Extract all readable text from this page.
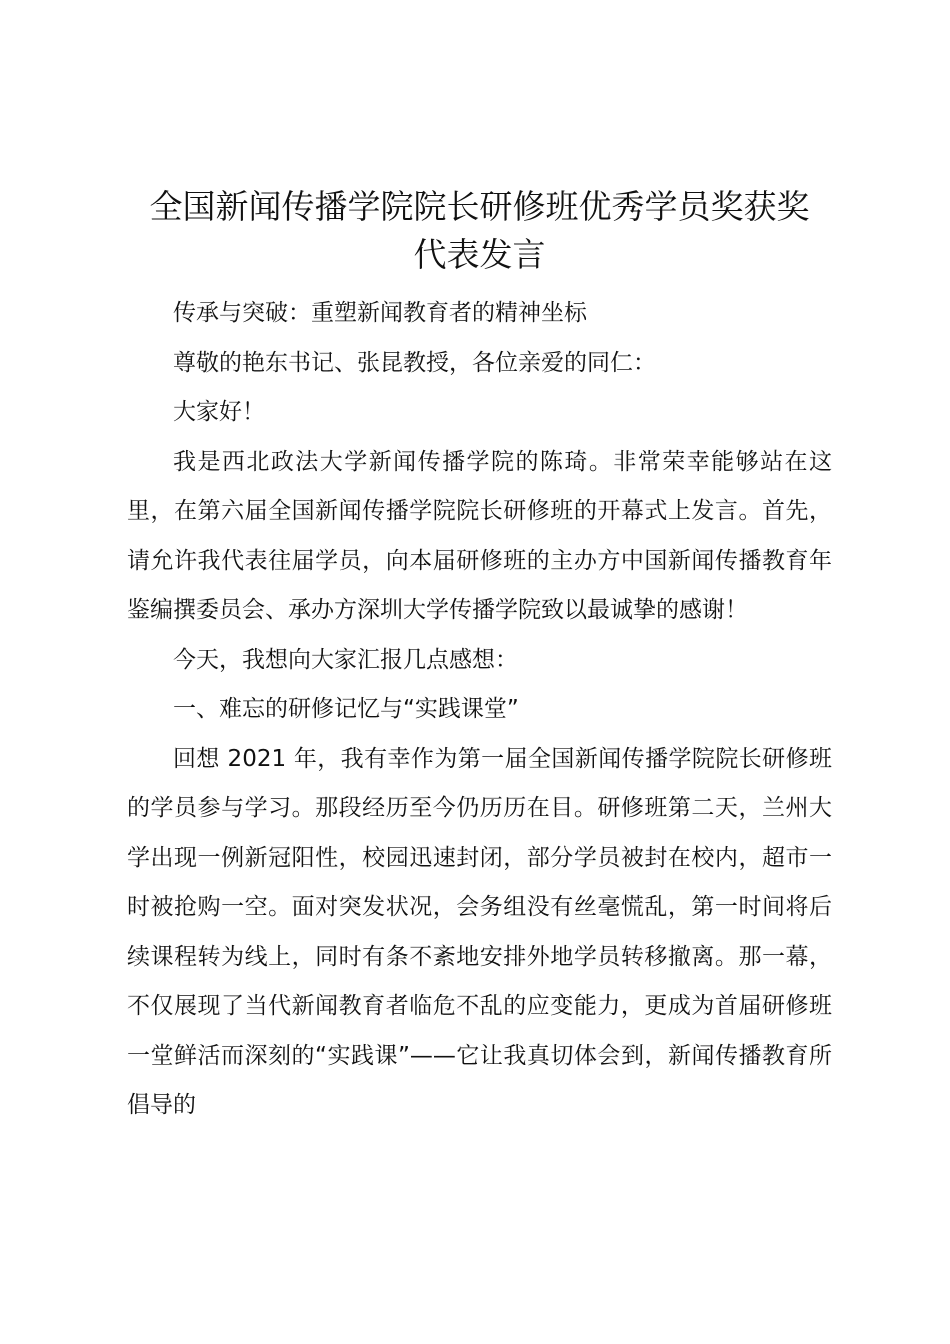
全国新闻传播学院院长研修班优秀学员奖获奖
代表发言

传承与突破：重塑新闻教育者的精神坐标

尊敬的艳东书记、张昆教授，各位亲爱的同仁：

大家好！

我是西北政法大学新闻传播学院的陈琦。非常荣幸能够站在这里，在第六届全国新闻传播学院院长研修班的开幕式上发言。首先，请允许我代表往届学员，向本届研修班的主办方中国新闻传播教育年鉴编撰委员会、承办方深圳大学传播学院致以最诚挚的感谢！

今天，我想向大家汇报几点感想：

一、难忘的研修记忆与“实践课堂”

回想 2021 年，我有幸作为第一届全国新闻传播学院院长研修班的学员参与学习。那段经历至今仍历历在目。研修班第二天，兰州大学出现一例新冠阳性，校园迅速封闭，部分学员被封在校内，超市一时被抢购一空。面对突发状况，会务组没有丝毫慌乱，第一时间将后续课程转为线上，同时有条不紊地安排外地学员转移撤离。那一幕，不仅展现了当代新闻教育者临危不乱的应变能力，更成为首届研修班一堂鲜活而深刻的“实践课”——它让我真切体会到，新闻传播教育所倡导的
